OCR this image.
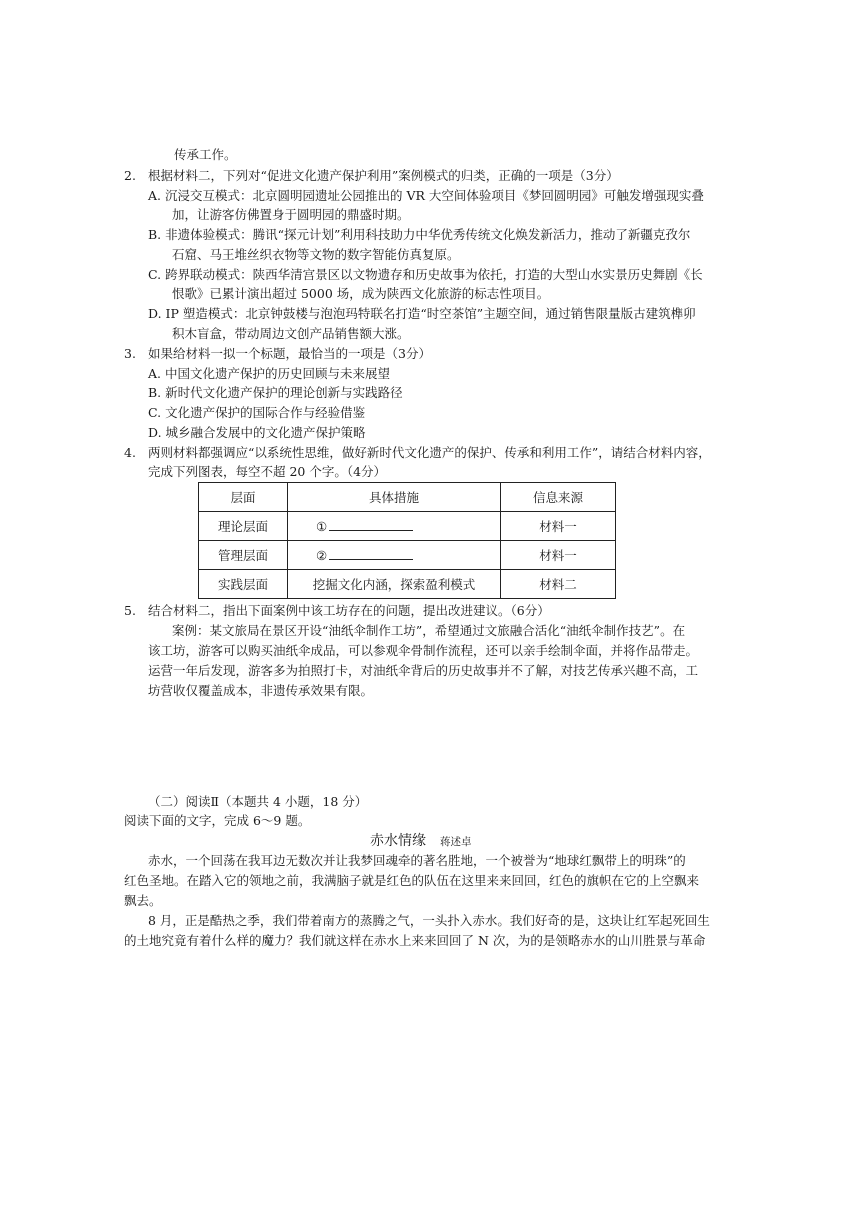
传承工作。
2. 根据材料二，下列对“促进文化遗产保护利用”案例模式的归类，正确的一项是（3分）
A. 沉浸交互模式：北京圆明园遗址公园推出的 VR 大空间体验项目《梦回圆明园》可触发增强现实叠
加，让游客仿佛置身于圆明园的鼎盛时期。
B. 非遗体验模式：腾讯“探元计划”利用科技助力中华优秀传统文化焕发新活力，推动了新疆克孜尔
石窟、马王堆丝织衣物等文物的数字智能仿真复原。
C. 跨界联动模式：陕西华清宫景区以文物遗存和历史故事为依托，打造的大型山水实景历史舞剧《长
恨歌》已累计演出超过 5000 场，成为陕西文化旅游的标志性项目。
D. IP 塑造模式：北京钟鼓楼与泡泡玛特联名打造“时空茶馆”主题空间，通过销售限量版古建筑榫卯
积木盲盒，带动周边文创产品销售额大涨。
3. 如果给材料一拟一个标题，最恰当的一项是（3分）
A. 中国文化遗产保护的历史回顾与未来展望
B. 新时代文化遗产保护的理论创新与实践路径
C. 文化遗产保护的国际合作与经验借鉴
D. 城乡融合发展中的文化遗产保护策略
4. 两则材料都强调应“以系统性思维，做好新时代文化遗产的保护、传承和利用工作”，请结合材料内容，
完成下列图表，每空不超 20 个字。（4分）
层面	具体措施	信息来源
理论层面	①	材料一
管理层面	②	材料一
实践层面	挖掘文化内涵，探索盈利模式	材料二
5. 结合材料二，指出下面案例中该工坊存在的问题，提出改进建议。（6分）
案例：某文旅局在景区开设“油纸伞制作工坊”，希望通过文旅融合活化“油纸伞制作技艺”。在
该工坊，游客可以购买油纸伞成品，可以参观伞骨制作流程，还可以亲手绘制伞面，并将作品带走。
运营一年后发现，游客多为拍照打卡，对油纸伞背后的历史故事并不了解，对技艺传承兴趣不高，工
坊营收仅覆盖成本，非遗传承效果有限。
（二）阅读Ⅱ（本题共 4 小题，18 分）
阅读下面的文字，完成 6～9 题。
赤水情缘 蒋述卓
赤水，一个回荡在我耳边无数次并让我梦回魂牵的著名胜地，一个被誉为“地球红飘带上的明珠”的
红色圣地。在踏入它的领地之前，我满脑子就是红色的队伍在这里来来回回，红色的旗帜在它的上空飘来
飘去。
8 月，正是酷热之季，我们带着南方的蒸腾之气，一头扑入赤水。我们好奇的是，这块让红军起死回生
的土地究竟有着什么样的魔力？我们就这样在赤水上来来回回了 N 次，为的是领略赤水的山川胜景与革命
